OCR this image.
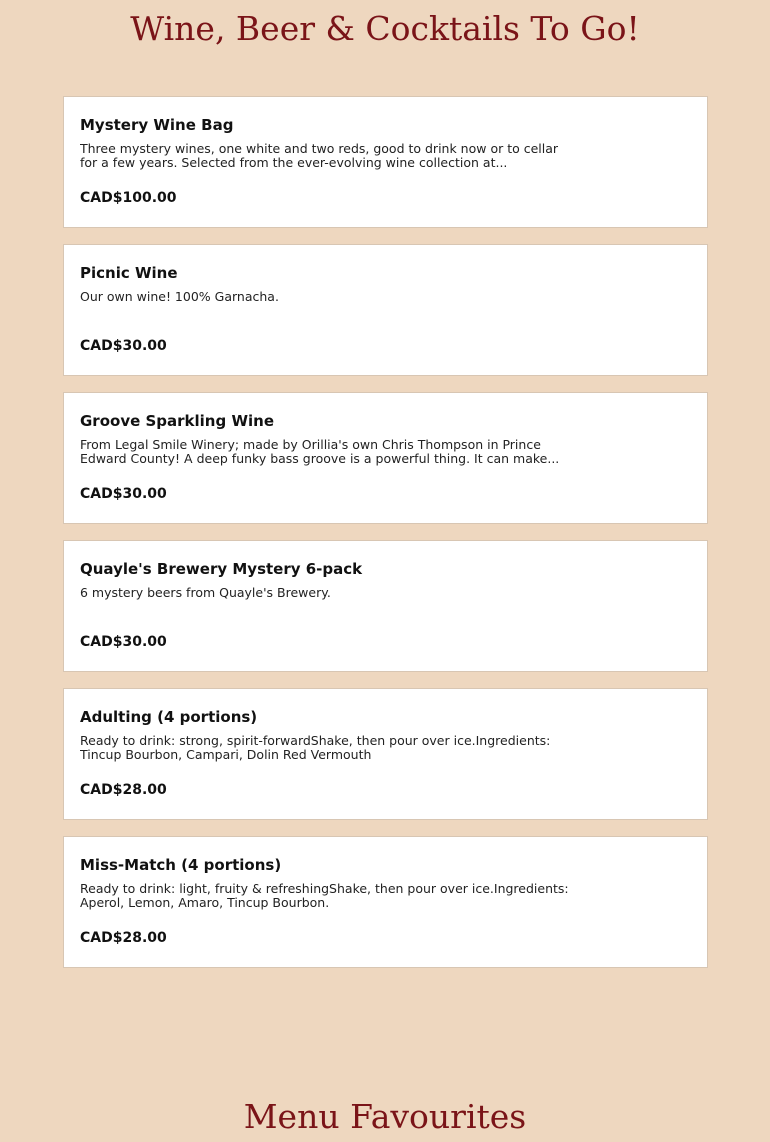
Wine, Beer & Cocktails To Go!
Mystery Wine Bag
Three mystery wines, one white and two reds, good to drink now or to cellar for a few years. Selected from the ever-evolving wine collection at...
CAD$100.00
Picnic Wine
Our own wine! 100% Garnacha.
CAD$30.00
Groove Sparkling Wine
From Legal Smile Winery; made by Orillia's own Chris Thompson in Prince Edward County! A deep funky bass groove is a powerful thing. It can make...
CAD$30.00
Quayle's Brewery Mystery 6-pack
6 mystery beers from Quayle's Brewery.
CAD$30.00
Adulting (4 portions)
Ready to drink: strong, spirit-forwardShake, then pour over ice.Ingredients: Tincup Bourbon, Campari, Dolin Red Vermouth
CAD$28.00
Miss-Match (4 portions)
Ready to drink: light, fruity & refreshingShake, then pour over ice.Ingredients: Aperol, Lemon, Amaro, Tincup Bourbon.
CAD$28.00
Menu Favourites
